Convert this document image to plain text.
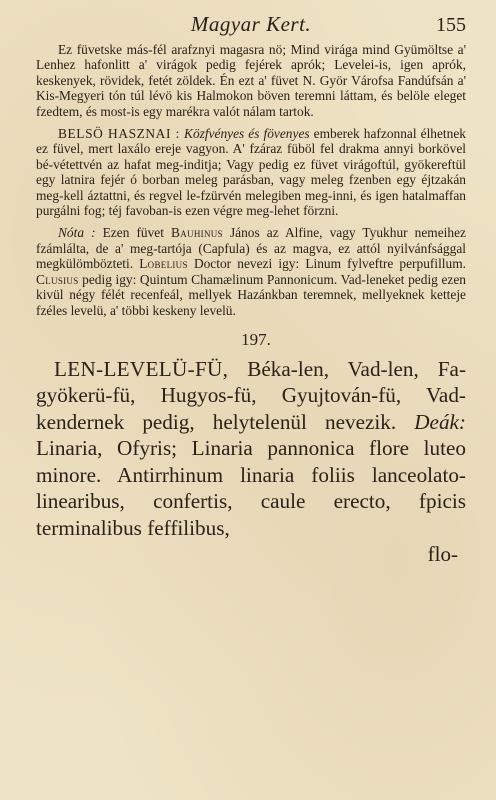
Magyar Kert.	155

Ez füvetske más-fél arafznyi magasra nö; Mind virága mind Gyümöltse a' Lenhez hafonlitt a' virágok pedig fejérek aprók; Levelei-is, igen aprók, keskenyek, rövidek, fetét zöldek. Én ezt a' füvet N. Györ Várofsa Fandúfsán a' Kis-Megyeri tón túl lévö kis Halmokon böven teremni láttam, és belöle eleget fzedtem, és most-is egy marékra valót nálam tartok.

BELSÖ HASZNAI : Közfvényes és fövenyes emberek hafzonnal élhetnek ez füvel, mert laxálo ereje vagyon. A' fzáraz füböl fel drakma annyi borkövel bé-vétettvén az hafat meg-inditja; Vagy pedig ez füvet virágoftúl, gyökereftül egy latnira fejér ó borban meleg parásban, vagy meleg fzenben egy éjtzakán meg-kell áztattni, és regvel le-fzürvén melegiben meg-inni, és igen hatalmaffan purgálni fog; téj favoban-is ezen végre meg-lehet förzni.

Nóta : Ezen füvet Bauhinus János az Alfine, vagy Tyukhur nemeihez fzámlálta, de a' meg-tartója (Capfula) és az magva, ez attól nyilvánfsággal megkülömbözteti. Lobelius Doctor nevezi igy: Linum fylveftre perpufillum. Clusius pedig igy: Quintum Chamælinum Pannonicum. Vad-leneket pedig ezen kivül négy félét recenfeál, mellyek Hazánkban teremnek, mellyeknek ketteje fzéles levelü, a' többi keskeny levelü.

197.

LEN-LEVELÜ-FÜ, Béka-len, Vad-len, Fa-gyökerü-fü, Hugyos-fü, Gyujtován-fü, Vad-kendernek pedig, helytelenül nevezik. Deák: Linaria, Ofyris; Linaria pannonica flore luteo minore. Antirrhinum linaria foliis lanceolato-linearibus, confertis, caule erecto, fpicis terminalibus feffilibus,

flo-
